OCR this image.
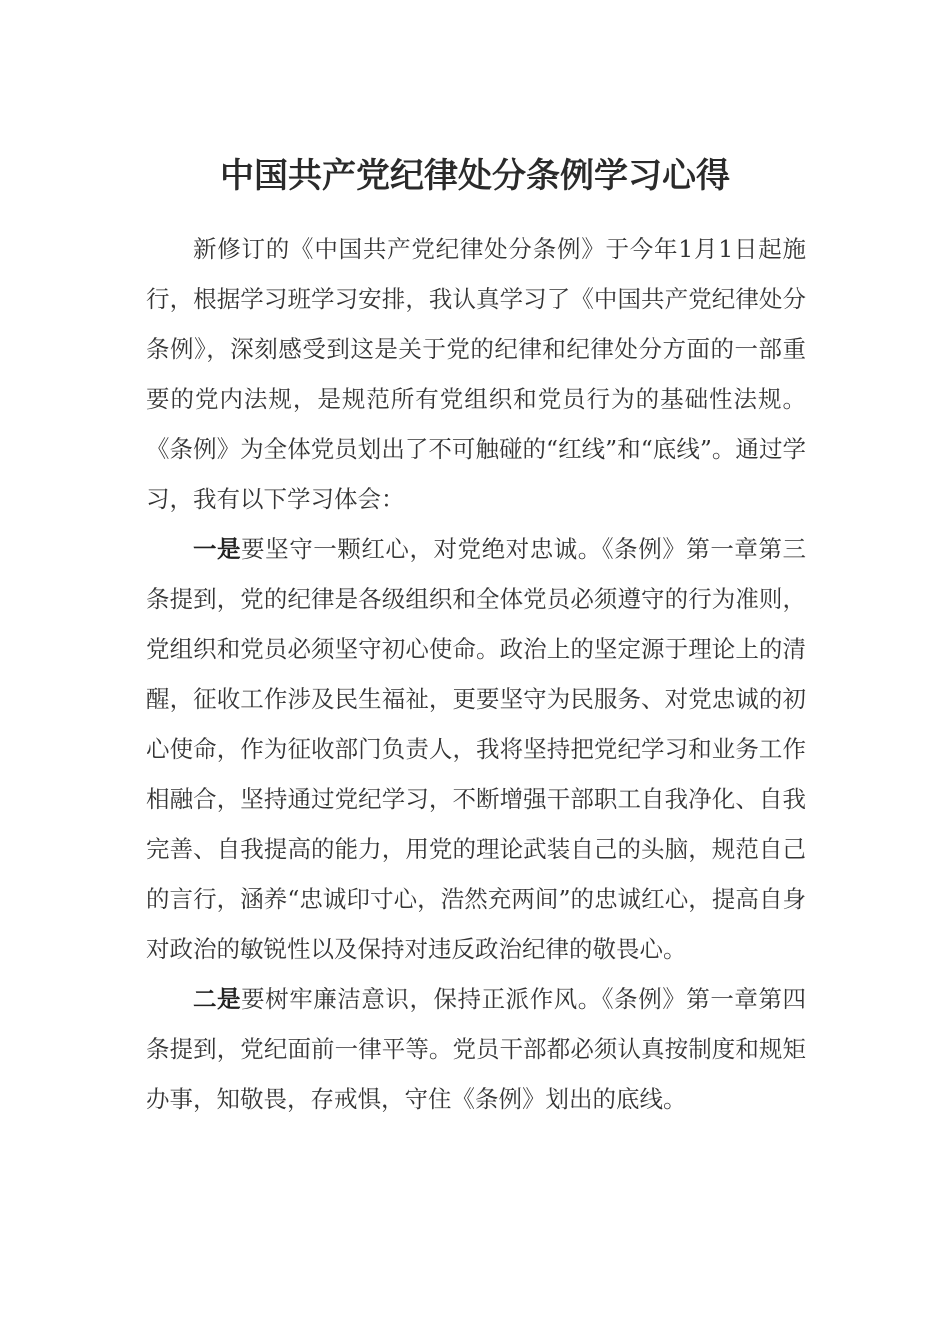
中国共产党纪律处分条例学习心得

新修订的《中国共产党纪律处分条例》于今年1月1日起施行，根据学习班学习安排，我认真学习了《中国共产党纪律处分条例》，深刻感受到这是关于党的纪律和纪律处分方面的一部重要的党内法规，是规范所有党组织和党员行为的基础性法规。《条例》为全体党员划出了不可触碰的“红线”和“底线”。通过学习，我有以下学习体会：

一是要坚守一颗红心，对党绝对忠诚。《条例》第一章第三条提到，党的纪律是各级组织和全体党员必须遵守的行为准则，党组织和党员必须坚守初心使命。政治上的坚定源于理论上的清醒，征收工作涉及民生福祉，更要坚守为民服务、对党忠诚的初心使命，作为征收部门负责人，我将坚持把党纪学习和业务工作相融合，坚持通过党纪学习，不断增强干部职工自我净化、自我完善、自我提高的能力，用党的理论武装自己的头脑，规范自己的言行，涵养“忠诚印寸心，浩然充两间”的忠诚红心，提高自身对政治的敏锐性以及保持对违反政治纪律的敬畏心。

二是要树牢廉洁意识，保持正派作风。《条例》第一章第四条提到，党纪面前一律平等。党员干部都必须认真按制度和规矩办事，知敬畏，存戒惧，守住《条例》划出的底线。
